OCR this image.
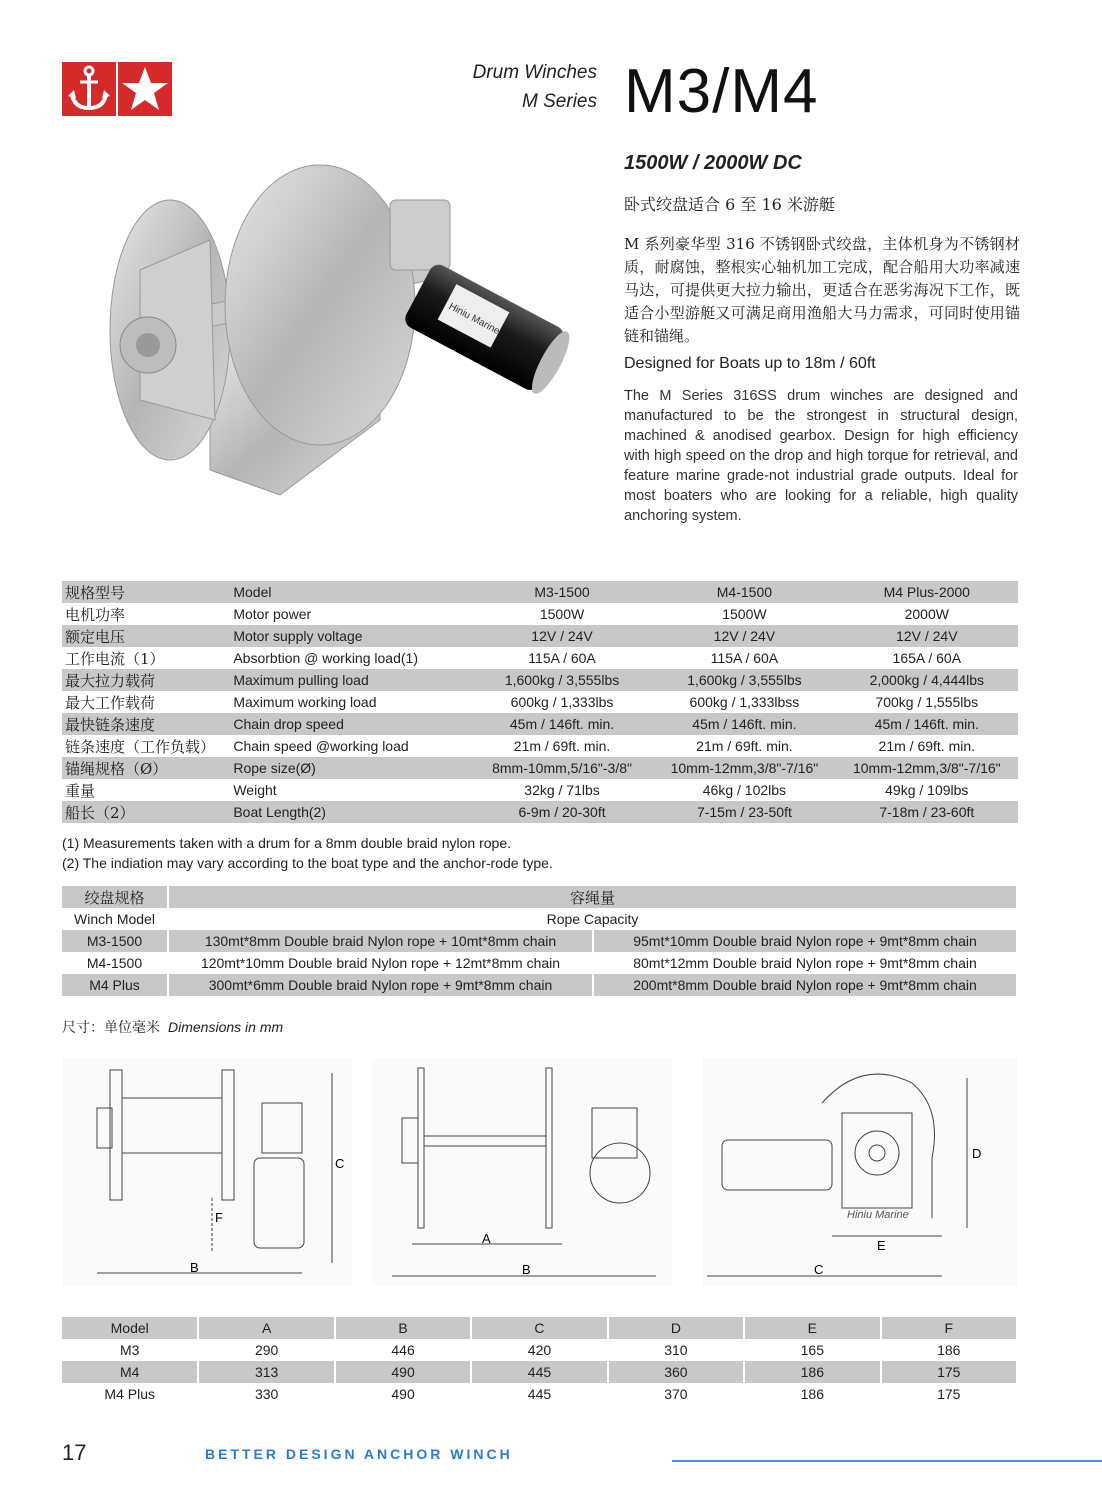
Drum Winches
M Series M3/M4
1500W / 2000W DC
卧式绞盘适合 6 至 16 米游艇
M 系列豪华型 316 不锈钢卧式绞盘，主体机身为不锈钢材质，耐腐蚀，整根实心轴机加工完成，配合船用大功率减速马达，可提供更大拉力输出，更适合在恶劣海况下工作，既适合小型游艇又可满足商用渔船大马力需求，可同时使用锚链和锚绳。
Designed for Boats up to 18m / 60ft
The M Series 316SS drum winches are designed and manufactured to be the strongest in structural design, machined & anodised gearbox. Design for high efficiency with high speed on the drop and high torque for retrieval, and feature marine grade-not industrial grade outputs. Ideal for most boaters who are looking for a reliable, high quality anchoring system.
Hiniu Marine
规格型号	Model	M3-1500	M4-1500	M4 Plus-2000
电机功率	Motor power	1500W	1500W	2000W
额定电压	Motor supply voltage	12V / 24V	12V / 24V	12V / 24V
工作电流（1）	Absorbtion @ working load(1)	115A / 60A	115A / 60A	165A / 60A
最大拉力载荷	Maximum pulling load	1,600kg / 3,555lbs	1,600kg / 3,555lbs	2,000kg / 4,444lbs
最大工作载荷	Maximum working load	600kg / 1,333lbs	600kg / 1,333lbss	700kg / 1,555lbs
最快链条速度	Chain drop speed	45m / 146ft. min.	45m / 146ft. min.	45m / 146ft. min.
链条速度（工作负载）	Chain speed @working load	21m / 69ft. min.	21m / 69ft. min.	21m / 69ft. min.
锚绳规格（Ø）	Rope size(Ø)	8mm-10mm,5/16"-3/8"	10mm-12mm,3/8"-7/16"	10mm-12mm,3/8"-7/16"
重量	Weight	32kg / 71lbs	46kg / 102lbs	49kg / 109lbs
船长（2）	Boat Length(2)	6-9m / 20-30ft	7-15m / 23-50ft	7-18m / 23-60ft
(1) Measurements taken with a drum for a 8mm double braid nylon rope.
(2) The indiation may vary according to the boat type and the anchor-rode type.
绞盘规格	容绳量	
Winch Model	Rope Capacity	
M3-1500	130mt*8mm Double braid Nylon rope + 10mt*8mm chain	95mt*10mm Double braid Nylon rope + 9mt*8mm chain
M4-1500	120mt*10mm Double braid Nylon rope + 12mt*8mm chain	80mt*12mm Double braid Nylon rope + 9mt*8mm chain
M4 Plus	300mt*6mm Double braid Nylon rope + 9mt*8mm chain	200mt*8mm Double braid Nylon rope + 9mt*8mm chain
尺寸：单位毫米 Dimensions in mm
C
F
B
A
B
Hiniu Marine
D
E
C
Model	A	B	C	D	E	F
M3	290	446	420	310	165	186
M4	313	490	445	360	186	175
M4 Plus	330	490	445	370	186	175
17	BETTER DESIGN ANCHOR WINCH
